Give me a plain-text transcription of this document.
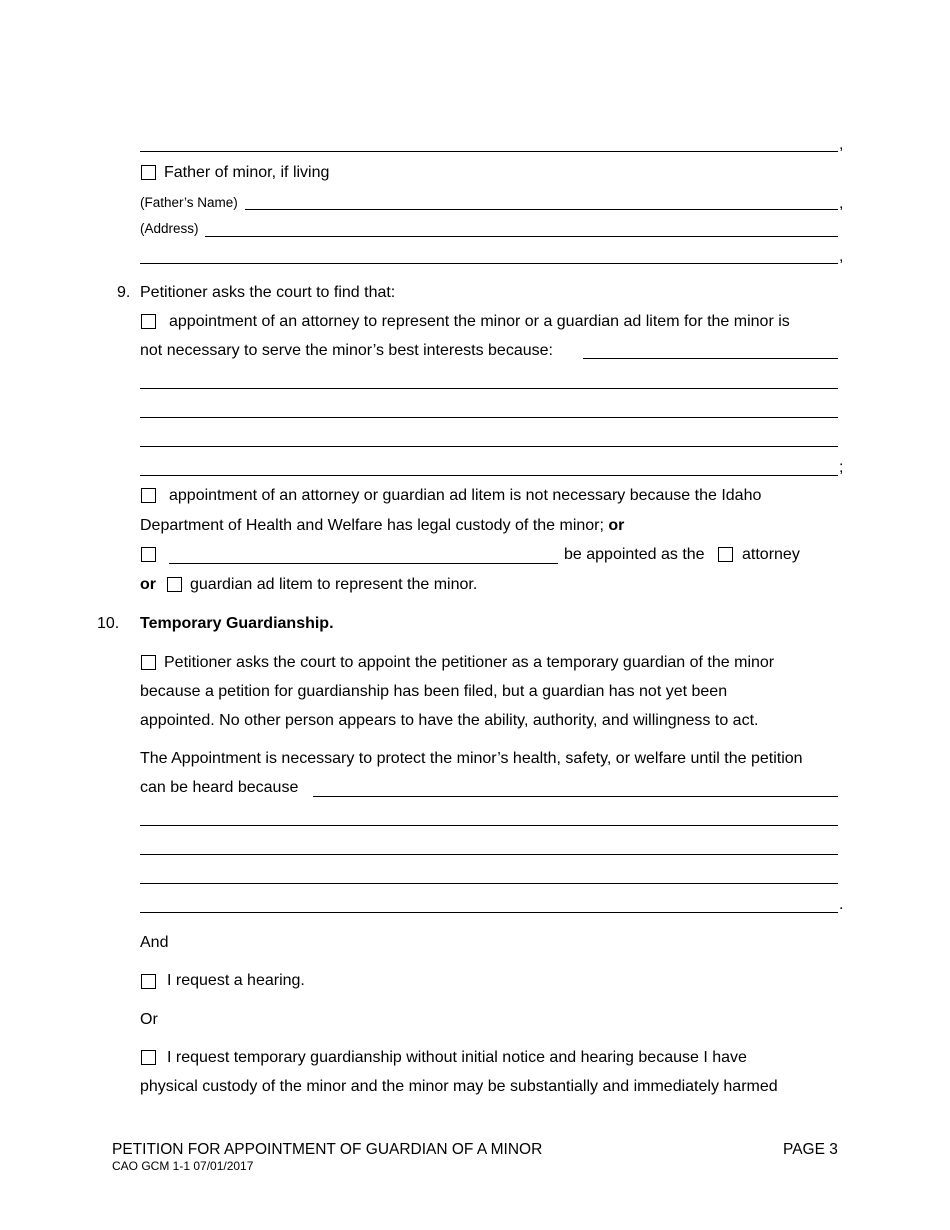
,
Father of minor, if living
(Father’s Name)	,
(Address)
,
9. Petitioner asks the court to find that:
appointment of an attorney to represent the minor or a guardian ad litem for the minor is
not necessary to serve the minor’s best interests because:
;
appointment of an attorney or guardian ad litem is not necessary because the Idaho
Department of Health and Welfare has legal custody of the minor; or
be appointed as the attorney
or guardian ad litem to represent the minor.
10. Temporary Guardianship.
Petitioner asks the court to appoint the petitioner as a temporary guardian of the minor
because a petition for guardianship has been filed, but a guardian has not yet been
appointed. No other person appears to have the ability, authority, and willingness to act.
The Appointment is necessary to protect the minor’s health, safety, or welfare until the petition
can be heard because
.
And
I request a hearing.
Or
I request temporary guardianship without initial notice and hearing because I have
physical custody of the minor and the minor may be substantially and immediately harmed
PETITION FOR APPOINTMENT OF GUARDIAN OF A MINOR
CAO GCM 1-1 07/01/2017
PAGE 3
